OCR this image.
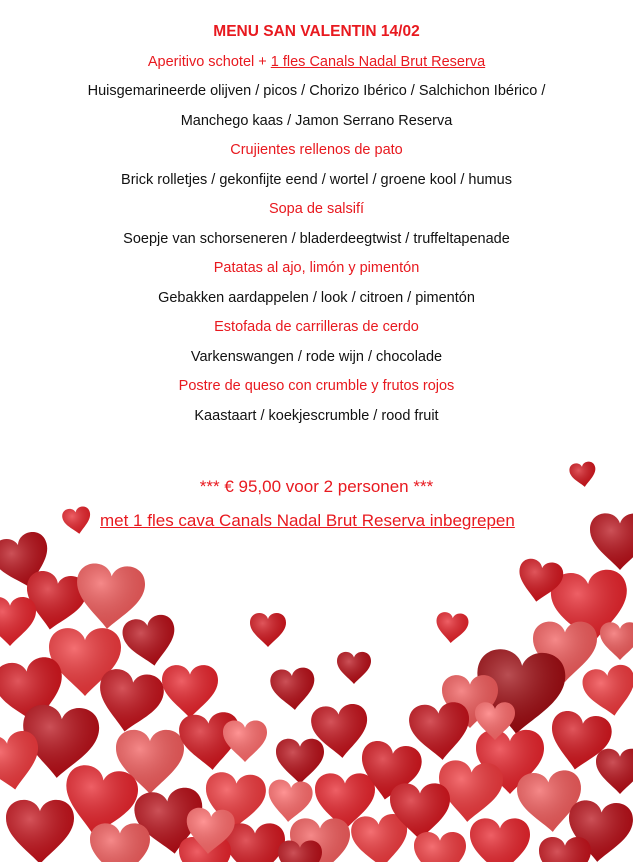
MENU SAN VALENTIN 14/02
Aperitivo schotel + 1 fles Canals Nadal Brut Reserva
Huisgemarineerde olijven / picos / Chorizo Ibérico / Salchichon Ibérico /
Manchego kaas / Jamon Serrano Reserva
Crujientes rellenos de pato
Brick rolletjes / gekonfijte eend / wortel / groene kool / humus
Sopa de salsifí
Soepje van schorseneren / bladerdeegtwist / truffeltapenade
Patatas al ajo, limón y pimentón
Gebakken aardappelen / look / citroen / pimentón
Estofada de carrilleras de cerdo
Varkenswangen / rode wijn / chocolade
Postre de queso con crumble y frutos rojos
Kaastaart / koekjescrumble / rood fruit
*** € 95,00 voor 2 personen ***
met 1 fles cava Canals Nadal Brut Reserva inbegrepen
